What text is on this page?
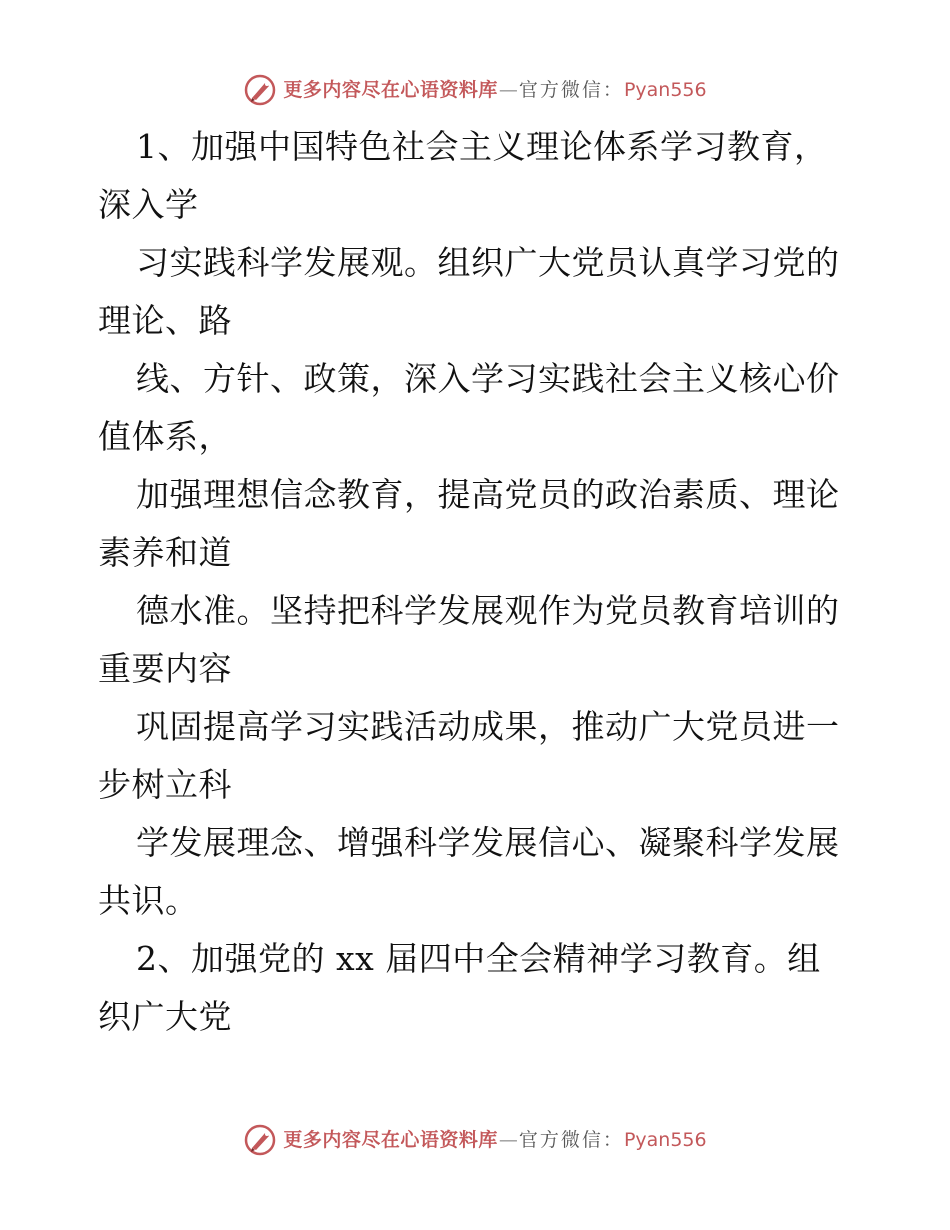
更多内容尽在心语资料库 — 官方微信： Pyan556
1、加强中国特色社会主义理论体系学习教育，
深入学
习实践科学发展观。组织广大党员认真学习党的
理论、路
线、方针、政策，深入学习实践社会主义核心价
值体系，
加强理想信念教育，提高党员的政治素质、理论
素养和道
德水准。坚持把科学发展观作为党员教育培训的
重要内容
巩固提高学习实践活动成果，推动广大党员进一
步树立科
学发展理念、增强科学发展信心、凝聚科学发展
共识。
2、加强党的 xx 届四中全会精神学习教育。组
织广大党
更多内容尽在心语资料库 — 官方微信： Pyan556
